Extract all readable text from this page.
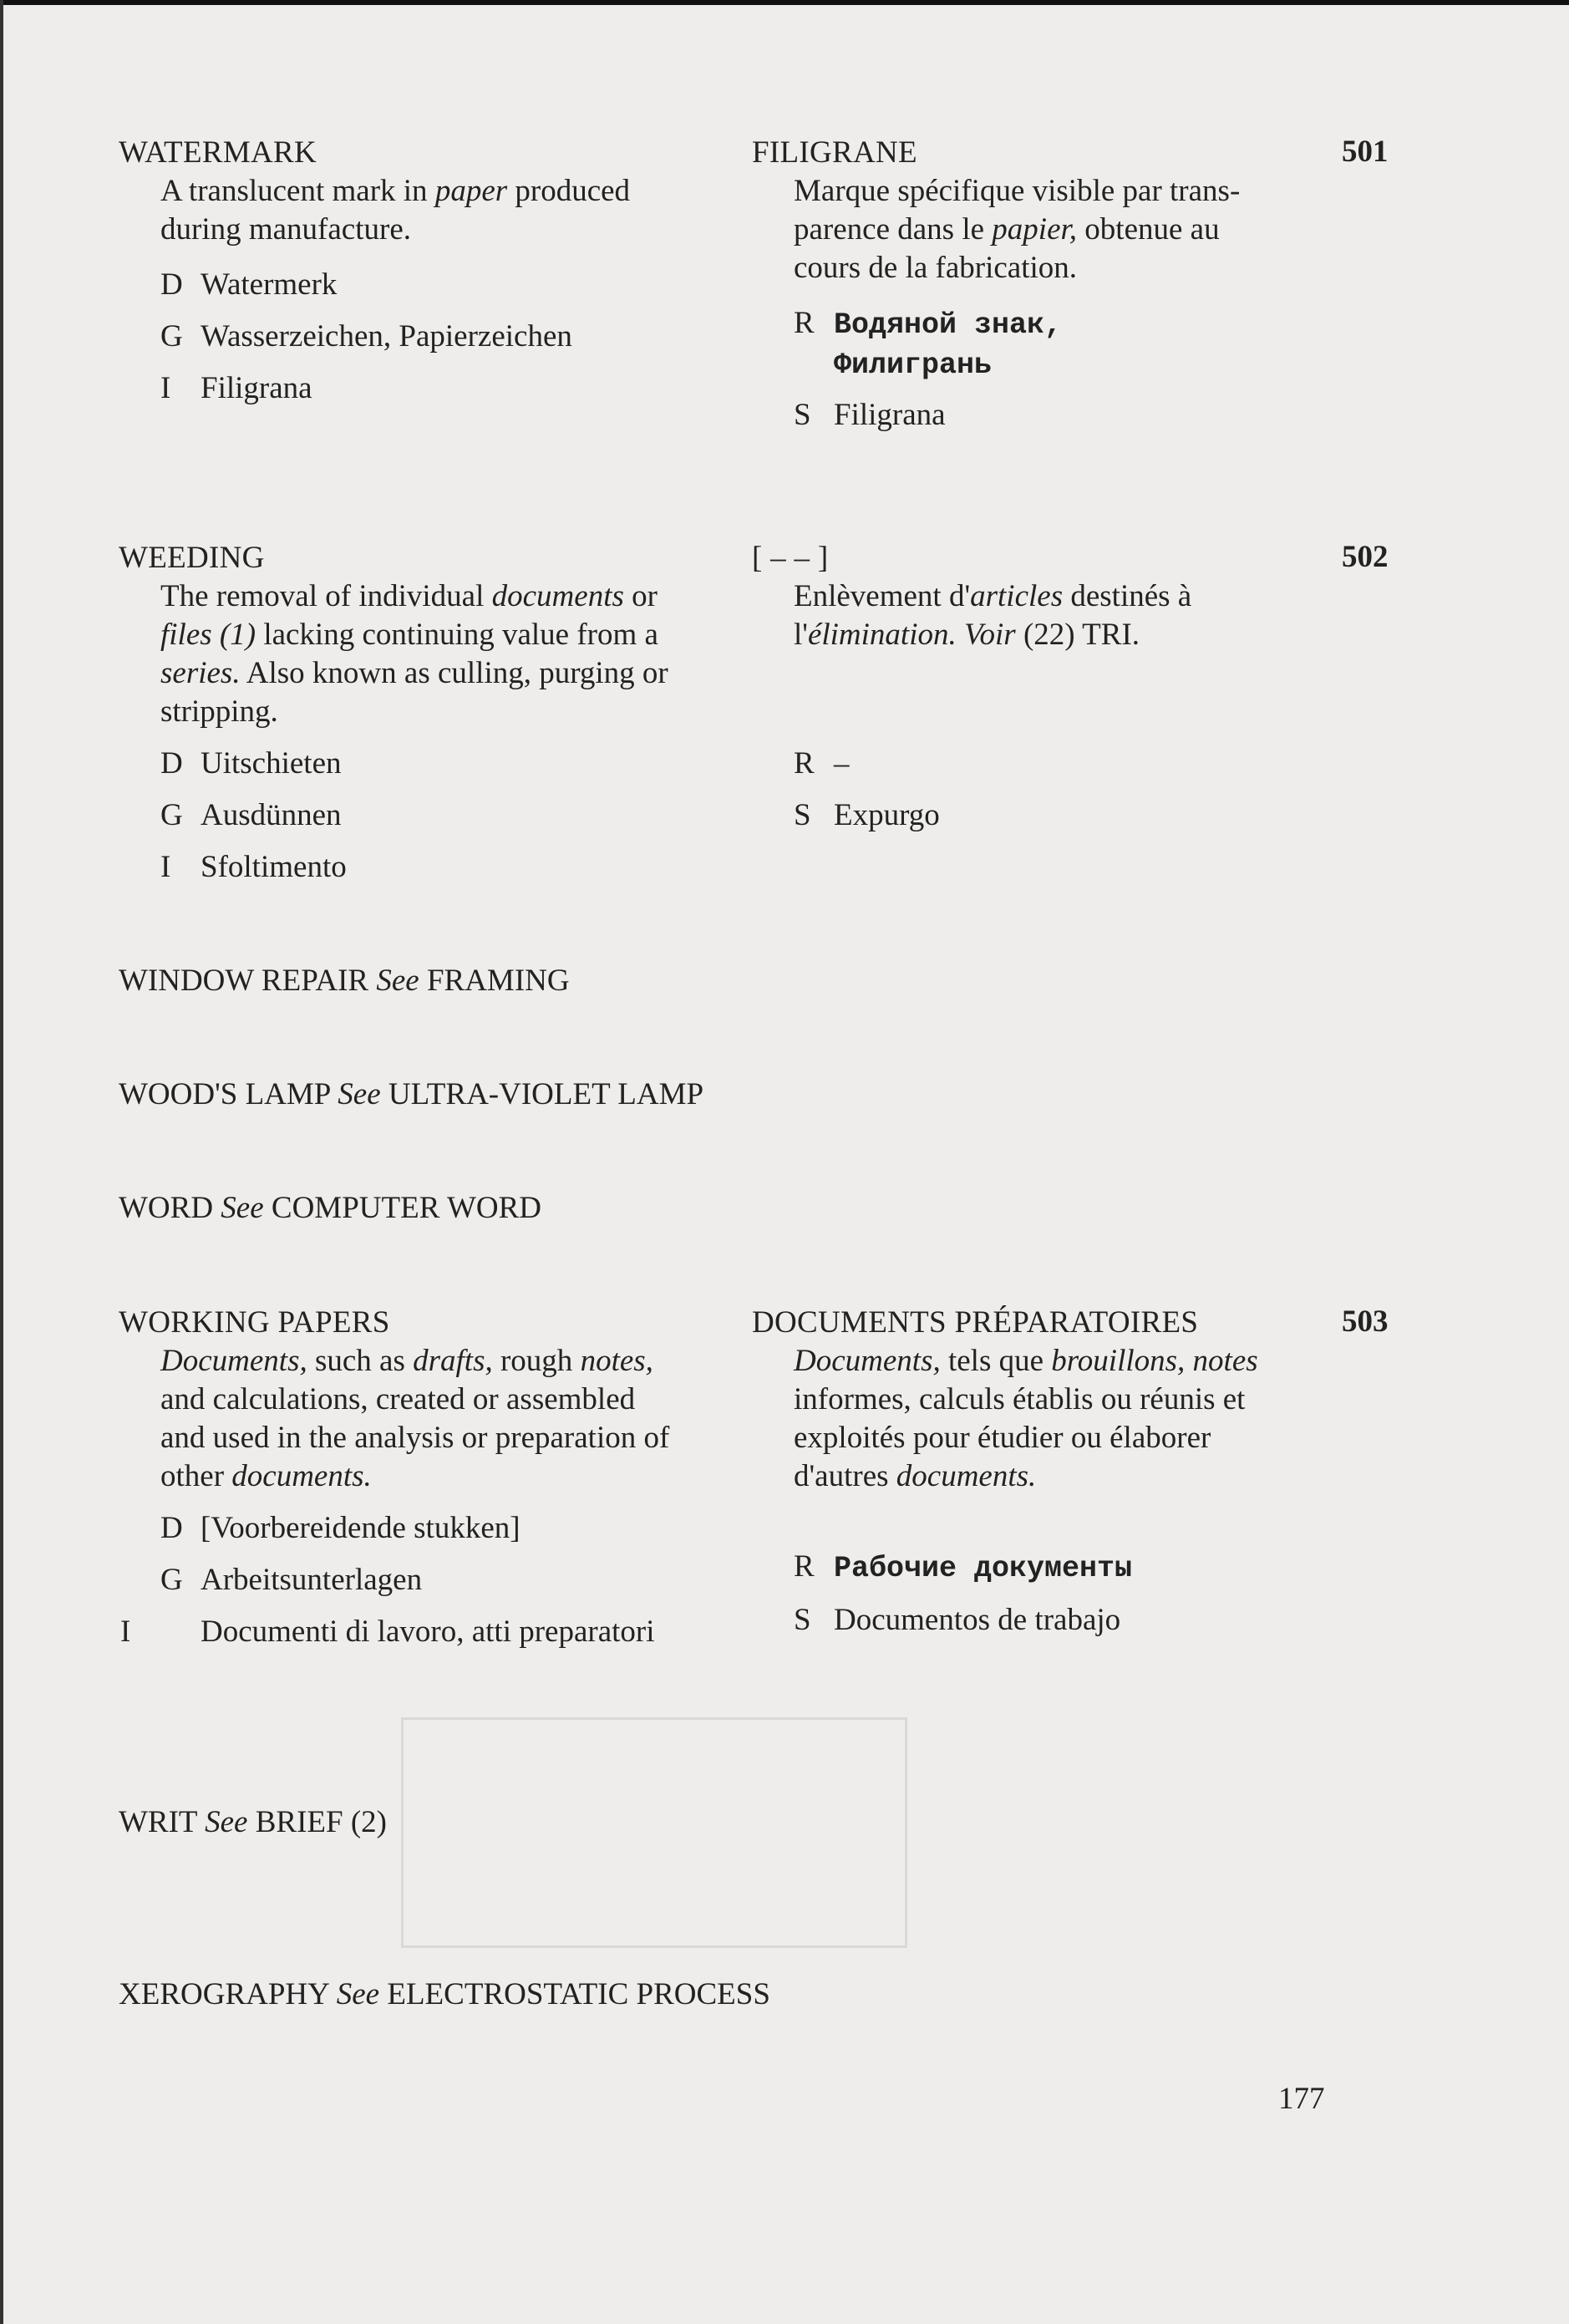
WATERMARK
A translucent mark in paper produced during manufacture.
D Watermerk
G Wasserzeichen, Papierzeichen
I Filigrana
FILIGRANE
Marque spécifique visible par trans-parence dans le papier, obtenue au cours de la fabrication.
R Водяной знак,
Филигрань
S Filigrana
501
WEEDING
The removal of individual documents or files (1) lacking continuing value from a series. Also known as culling, purging or stripping.
D Uitschieten
G Ausdünnen
I Sfoltimento
[ – – ]
Enlèvement d'articles destinés à l'élimination. Voir (22) TRI.
R –
S Expurgo
502
WINDOW REPAIR See FRAMING
WOOD'S LAMP See ULTRA-VIOLET LAMP
WORD See COMPUTER WORD
WORKING PAPERS
Documents, such as drafts, rough notes, and calculations, created or assembled and used in the analysis or preparation of other documents.
D [Voorbereidende stukken]
G Arbeitsunterlagen
I Documenti di lavoro, atti preparatori
DOCUMENTS PRÉPARATOIRES
Documents, tels que brouillons, notes informes, calculs établis ou réunis et exploités pour étudier ou élaborer d'autres documents.
R Рабочие документы
S Documentos de trabajo
503
WRIT See BRIEF (2)
XEROGRAPHY See ELECTROSTATIC PROCESS
177
